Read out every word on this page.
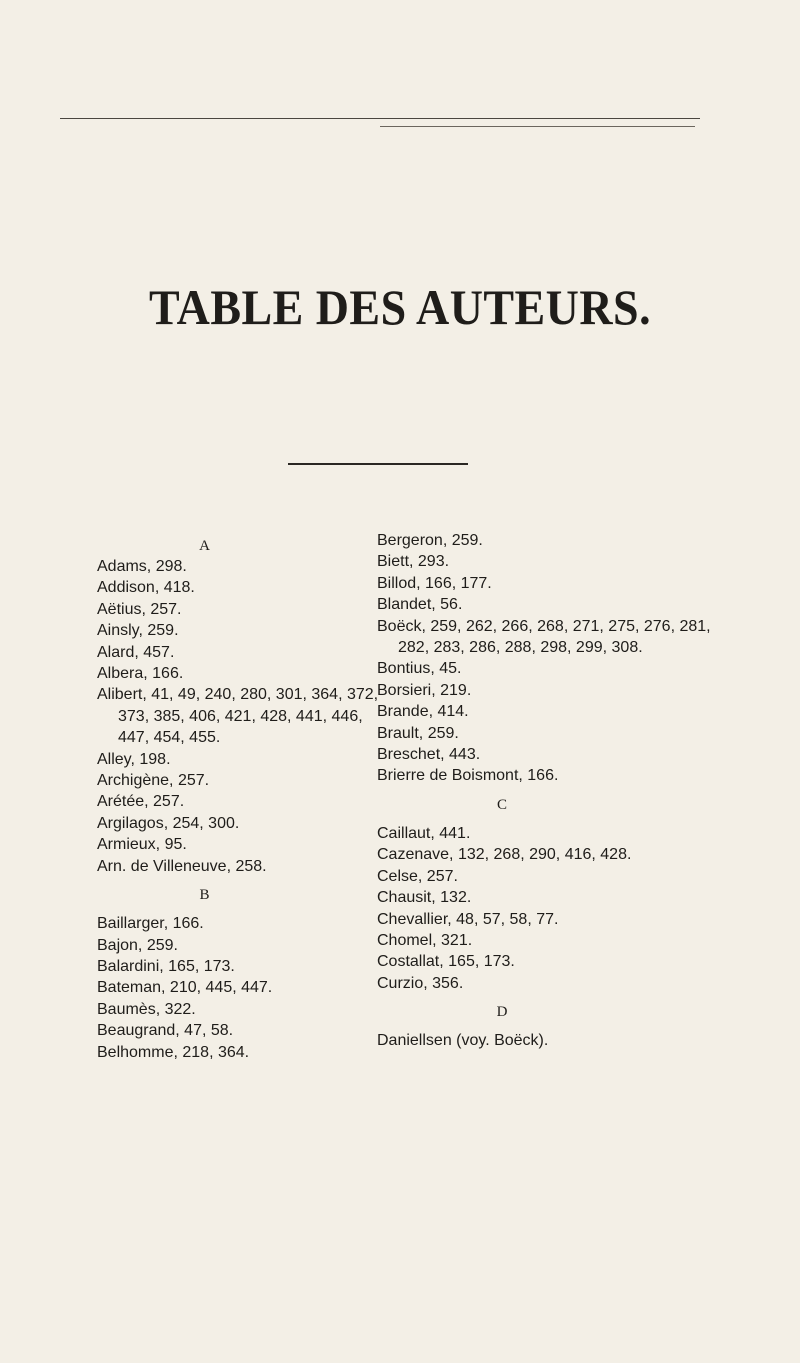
TABLE DES AUTEURS.
A
Adams, 298.
Addison, 418.
Aëtius, 257.
Ainsly, 259.
Alard, 457.
Albera, 166.
Alibert, 41, 49, 240, 280, 301, 364, 372, 373, 385, 406, 421, 428, 441, 446, 447, 454, 455.
Alley, 198.
Archigène, 257.
Arétée, 257.
Argilagos, 254, 300.
Armieux, 95.
Arn. de Villeneuve, 258.
B
Baillarger, 166.
Bajon, 259.
Balardini, 165, 173.
Bateman, 210, 445, 447.
Baumès, 322.
Beaugrand, 47, 58.
Belhomme, 218, 364.
Bergeron, 259.
Biett, 293.
Billod, 166, 177.
Blandet, 56.
Boëck, 259, 262, 266, 268, 271, 275, 276, 281, 282, 283, 286, 288, 298, 299, 308.
Bontius, 45.
Borsieri, 219.
Brande, 414.
Brault, 259.
Breschet, 443.
Brierre de Boismont, 166.
C
Caillaut, 441.
Cazenave, 132, 268, 290, 416, 428.
Celse, 257.
Chausit, 132.
Chevallier, 48, 57, 58, 77.
Chomel, 321.
Costallat, 165, 173.
Curzio, 356.
D
Daniellsen (voy. Boëck).
